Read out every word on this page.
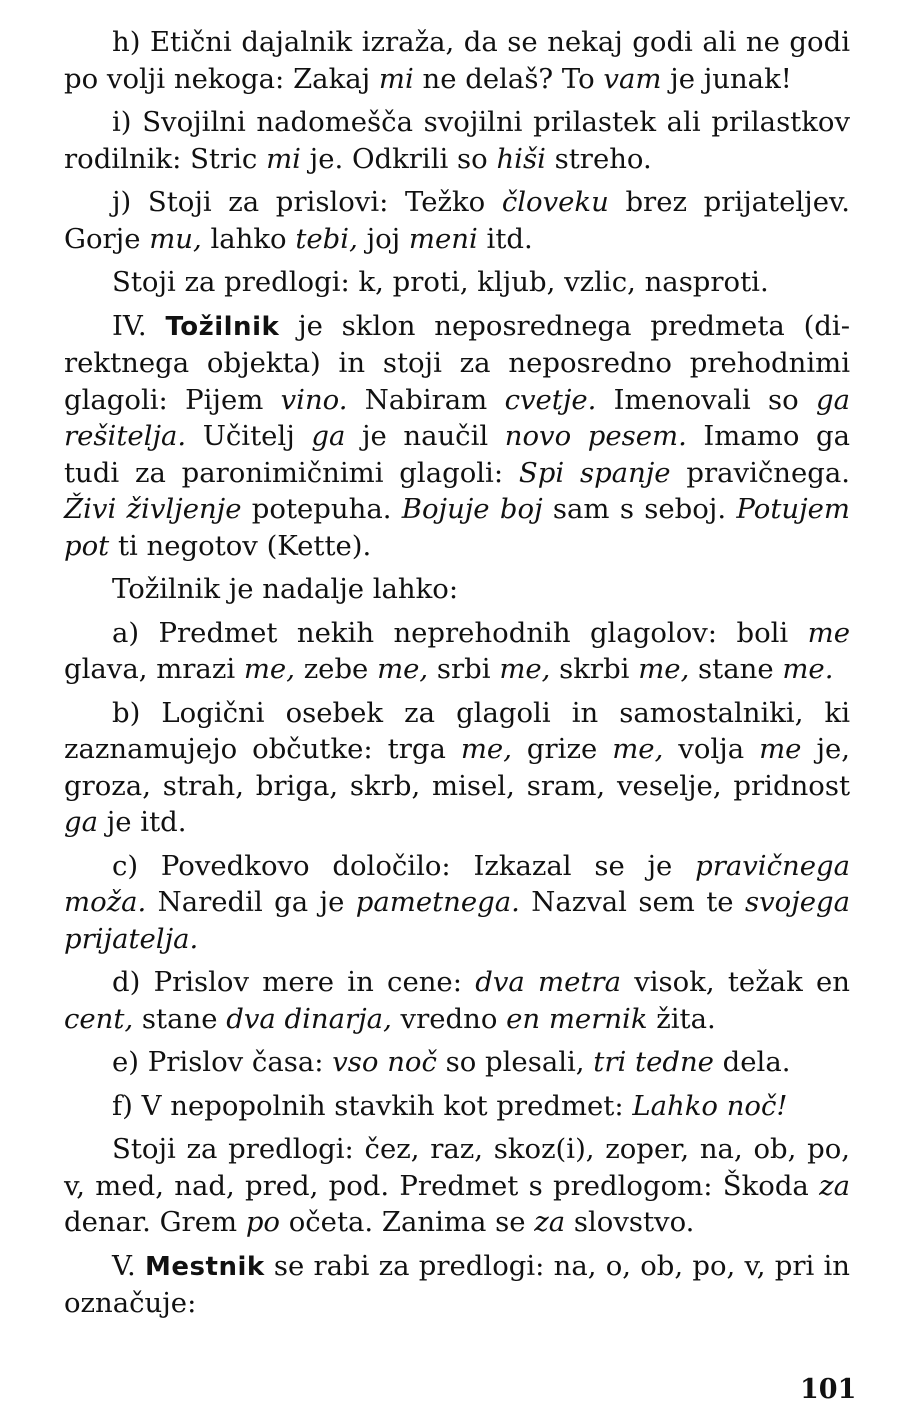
h) Etični dajalnik izraža, da se nekaj godi ali ne godi po volji nekoga: Zakaj mi ne delaš? To vam je junak!

i) Svojilni nadomešča svojilni prilastek ali prilastkov rodilnik: Stric mi je. Odkrili so hiši streho.

j) Stoji za prislovi: Težko človeku brez prijateljev. Gorje mu, lahko tebi, joj meni itd.

Stoji za predlogi: k, proti, kljub, vzlic, nasproti.

IV. Tožilnik je sklon neposrednega predmeta (direktnega objekta) in stoji za neposredno prehodnimi glagoli: Pijem vino. Nabiram cvetje. Imenovali so ga rešitelja. Učitelj ga je naučil novo pesem. Imamo ga tudi za paronimičnimi glagoli: Spi spanje pravičnega. Živi življenje potepuha. Bojuje boj sam s seboj. Potujem pot ti negotov (Kette).

Tožilnik je nadalje lahko:

a) Predmet nekih neprehodnih glagolov: boli me glava, mrazi me, zebe me, srbi me, skrbi me, stane me.

b) Logični osebek za glagoli in samostalniki, ki zaznamujejo občutke: trga me, grize me, volja me je, groza, strah, briga, skrb, misel, sram, veselje, pridnost ga je itd.

c) Povedkovo določilo: Izkazal se je pravičnega moža. Naredil ga je pametnega. Nazval sem te svojega prijatelja.

d) Prislov mere in cene: dva metra visok, težak en cent, stane dva dinarja, vredno en mernik žita.

e) Prislov časa: vso noč so plesali, tri tedne dela.

f) V nepopolnih stavkih kot predmet: Lahko noč!

Stoji za predlogi: čez, raz, skoz(i), zoper, na, ob, po, v, med, nad, pred, pod. Predmet s predlogom: Škoda za denar. Grem po očeta. Zanima se za slovstvo.

V. Mestnik se rabi za predlogi: na, o, ob, po, v, pri in označuje:

101
